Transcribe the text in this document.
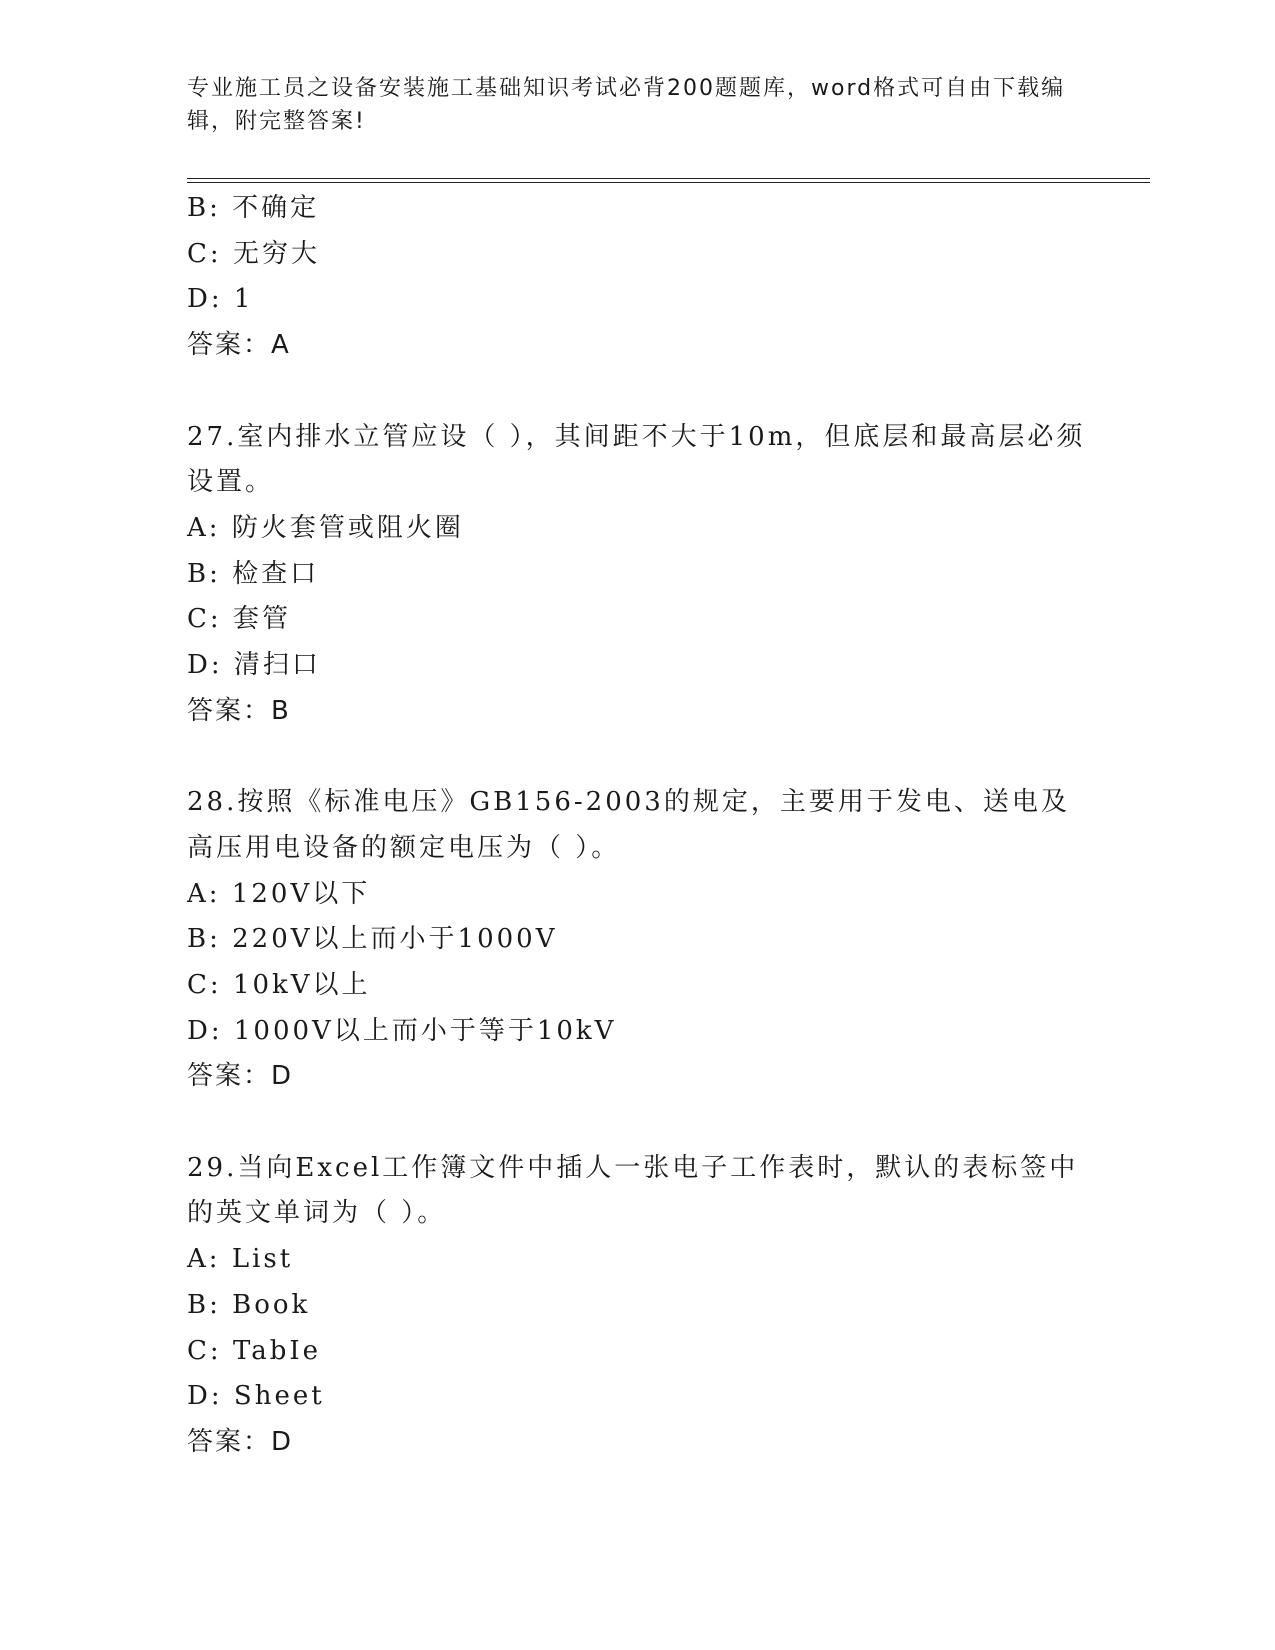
专业施工员之设备安装施工基础知识考试必背200题题库，word格式可自由下载编辑，附完整答案!
B: 不确定
C: 无穷大
D: 1
答案：A
27.室内排水立管应设（ ），其间距不大于10m，但底层和最高层必须设置。
A: 防火套管或阻火圈
B: 检查口
C: 套管
D: 清扫口
答案：B
28.按照《标准电压》GB156-2003的规定，主要用于发电、送电及高压用电设备的额定电压为（ ）。
A: 120V以下
B: 220V以上而小于1000V
C: 10kV以上
D: 1000V以上而小于等于10kV
答案：D
29.当向Excel工作簿文件中插人一张电子工作表时，默认的表标签中的英文单词为（ ）。
A: List
B: Book
C: TabIe
D: Sheet
答案：D
